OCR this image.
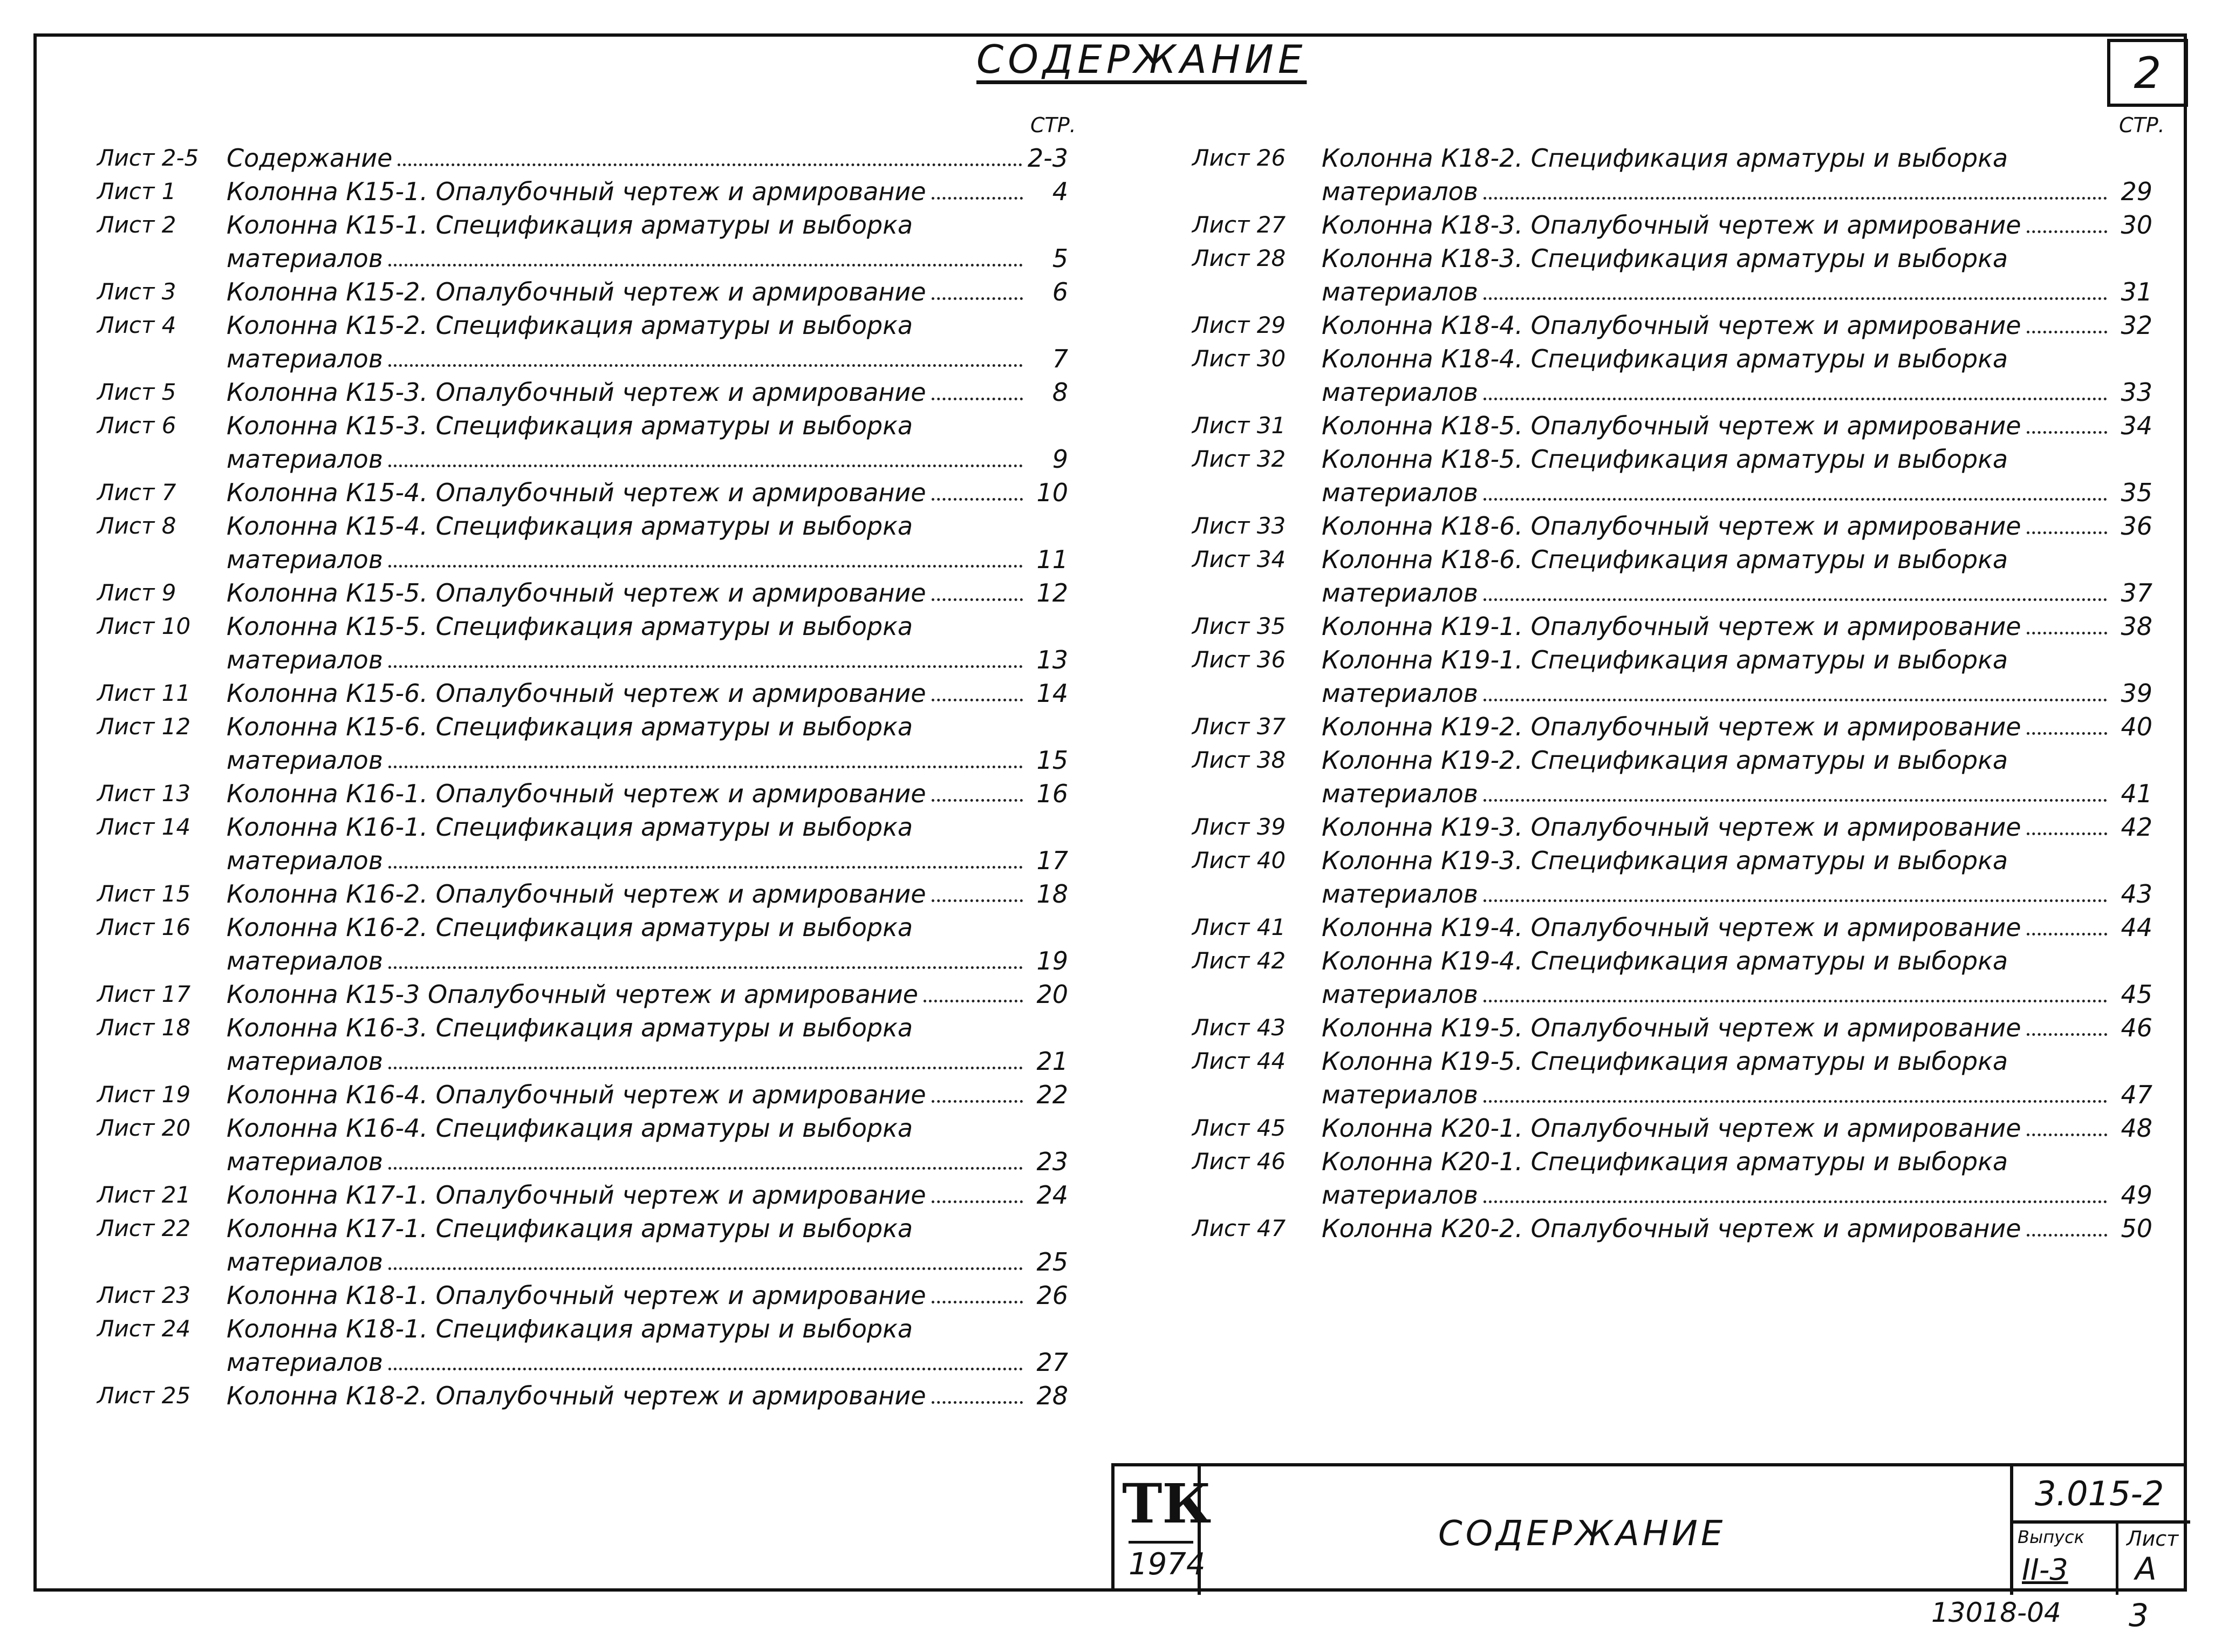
СОДЕРЖАНИЕ	2
СТР.	СТР.
Лист 2-5	Содержание	2-3
Лист 1	Колонна К15-1. Опалубочный чертеж и армирование	4
Лист 2	Колонна К15-1. Спецификация арматуры и выборка
материалов	5
Лист 3	Колонна К15-2. Опалубочный чертеж и армирование	6
Лист 4	Колонна К15-2. Спецификация арматуры и выборка
материалов	7
Лист 5	Колонна К15-3. Опалубочный чертеж и армирование	8
Лист 6	Колонна К15-3. Спецификация арматуры и выборка
материалов	9
Лист 7	Колонна К15-4. Опалубочный чертеж и армирование	10
Лист 8	Колонна К15-4. Спецификация арматуры и выборка
материалов	11
Лист 9	Колонна К15-5. Опалубочный чертеж и армирование	12
Лист 10	Колонна К15-5. Спецификация арматуры и выборка
материалов	13
Лист 11	Колонна К15-6. Опалубочный чертеж и армирование	14
Лист 12	Колонна К15-6. Спецификация арматуры и выборка
материалов	15
Лист 13	Колонна К16-1. Опалубочный чертеж и армирование	16
Лист 14	Колонна К16-1. Спецификация арматуры и выборка
материалов	17
Лист 15	Колонна К16-2. Опалубочный чертеж и армирование	18
Лист 16	Колонна К16-2. Спецификация арматуры и выборка
материалов	19
Лист 17	Колонна К15-3 Опалубочный чертеж и армирование	20
Лист 18	Колонна К16-3. Спецификация арматуры и выборка
материалов	21
Лист 19	Колонна К16-4. Опалубочный чертеж и армирование	22
Лист 20	Колонна К16-4. Спецификация арматуры и выборка
материалов	23
Лист 21	Колонна К17-1. Опалубочный чертеж и армирование	24
Лист 22	Колонна К17-1. Спецификация арматуры и выборка
материалов	25
Лист 23	Колонна К18-1. Опалубочный чертеж и армирование	26
Лист 24	Колонна К18-1. Спецификация арматуры и выборка
материалов	27
Лист 25	Колонна К18-2. Опалубочный чертеж и армирование	28
Лист 26	Колонна К18-2. Спецификация арматуры и выборка
материалов	29
Лист 27	Колонна К18-3. Опалубочный чертеж и армирование	30
Лист 28	Колонна К18-3. Спецификация арматуры и выборка
материалов	31
Лист 29	Колонна К18-4. Опалубочный чертеж и армирование	32
Лист 30	Колонна К18-4. Спецификация арматуры и выборка
материалов	33
Лист 31	Колонна К18-5. Опалубочный чертеж и армирование	34
Лист 32	Колонна К18-5. Спецификация арматуры и выборка
материалов	35
Лист 33	Колонна К18-6. Опалубочный чертеж и армирование	36
Лист 34	Колонна К18-6. Спецификация арматуры и выборка
материалов	37
Лист 35	Колонна К19-1. Опалубочный чертеж и армирование	38
Лист 36	Колонна К19-1. Спецификация арматуры и выборка
материалов	39
Лист 37	Колонна К19-2. Опалубочный чертеж и армирование	40
Лист 38	Колонна К19-2. Спецификация арматуры и выборка
материалов	41
Лист 39	Колонна К19-3. Опалубочный чертеж и армирование	42
Лист 40	Колонна К19-3. Спецификация арматуры и выборка
материалов	43
Лист 41	Колонна К19-4. Опалубочный чертеж и армирование	44
Лист 42	Колонна К19-4. Спецификация арматуры и выборка
материалов	45
Лист 43	Колонна К19-5. Опалубочный чертеж и армирование	46
Лист 44	Колонна К19-5. Спецификация арматуры и выборка
материалов	47
Лист 45	Колонна К20-1. Опалубочный чертеж и армирование	48
Лист 46	Колонна К20-1. Спецификация арматуры и выборка
материалов	49
Лист 47	Колонна К20-2. Опалубочный чертеж и армирование	50
ТК
1974
СОДЕРЖАНИЕ
3.015-2
Выпуск Лист
II-3 А
13018-04 3
